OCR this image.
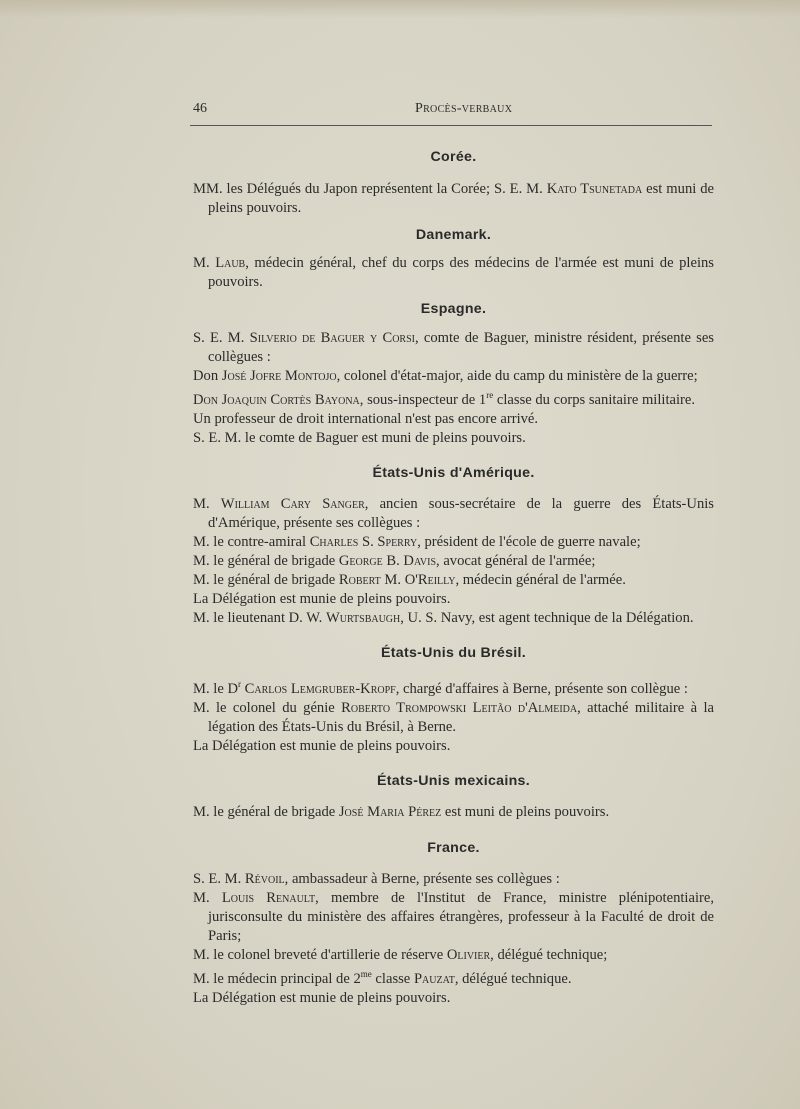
46	Procès-verbaux

Corée.

MM. les Délégués du Japon représentent la Corée; S. E. M. Kato Tsunetada est muni de pleins pouvoirs.

Danemark.

M. Laub, médecin général, chef du corps des médecins de l'armée est muni de pleins pouvoirs.

Espagne.

S. E. M. Silverio de Baguer y Corsi, comte de Baguer, ministre résident, présente ses collègues :

Don José Jofre Montojo, colonel d'état-major, aide du camp du ministère de la guerre;

Don Joaquin Cortès Bayona, sous-inspecteur de 1re classe du corps sanitaire militaire.

Un professeur de droit international n'est pas encore arrivé.

S. E. M. le comte de Baguer est muni de pleins pouvoirs.

États-Unis d'Amérique.

M. William Cary Sanger, ancien sous-secrétaire de la guerre des États-Unis d'Amérique, présente ses collègues :

M. le contre-amiral Charles S. Sperry, président de l'école de guerre navale;

M. le général de brigade George B. Davis, avocat général de l'armée;

M. le général de brigade Robert M. O'Reilly, médecin général de l'armée.

La Délégation est munie de pleins pouvoirs.

M. le lieutenant D. W. Wurtsbaugh, U. S. Navy, est agent technique de la Délégation.

États-Unis du Brésil.

M. le $D^r$ Carlos Lemgruber-Kropf, chargé d'affaires à Berne, présente son collègue :

M. le colonel du génie Roberto Trompowski Leitão d'Almeida, attaché militaire à la légation des États-Unis du Brésil, à Berne.

La Délégation est munie de pleins pouvoirs.

États-Unis mexicains.

M. le général de brigade José Maria Pérez est muni de pleins pouvoirs.

France.

S. E. M. Révoil, ambassadeur à Berne, présente ses collègues :

M. Louis Renault, membre de l'Institut de France, ministre plénipotentiaire, jurisconsulte du ministère des affaires étrangères, professeur à la Faculté de droit de Paris;

M. le colonel breveté d'artillerie de réserve Olivier, délégué technique;

M. le médecin principal de $2^{me}$ classe Pauzat, délégué technique.

La Délégation est munie de pleins pouvoirs.
